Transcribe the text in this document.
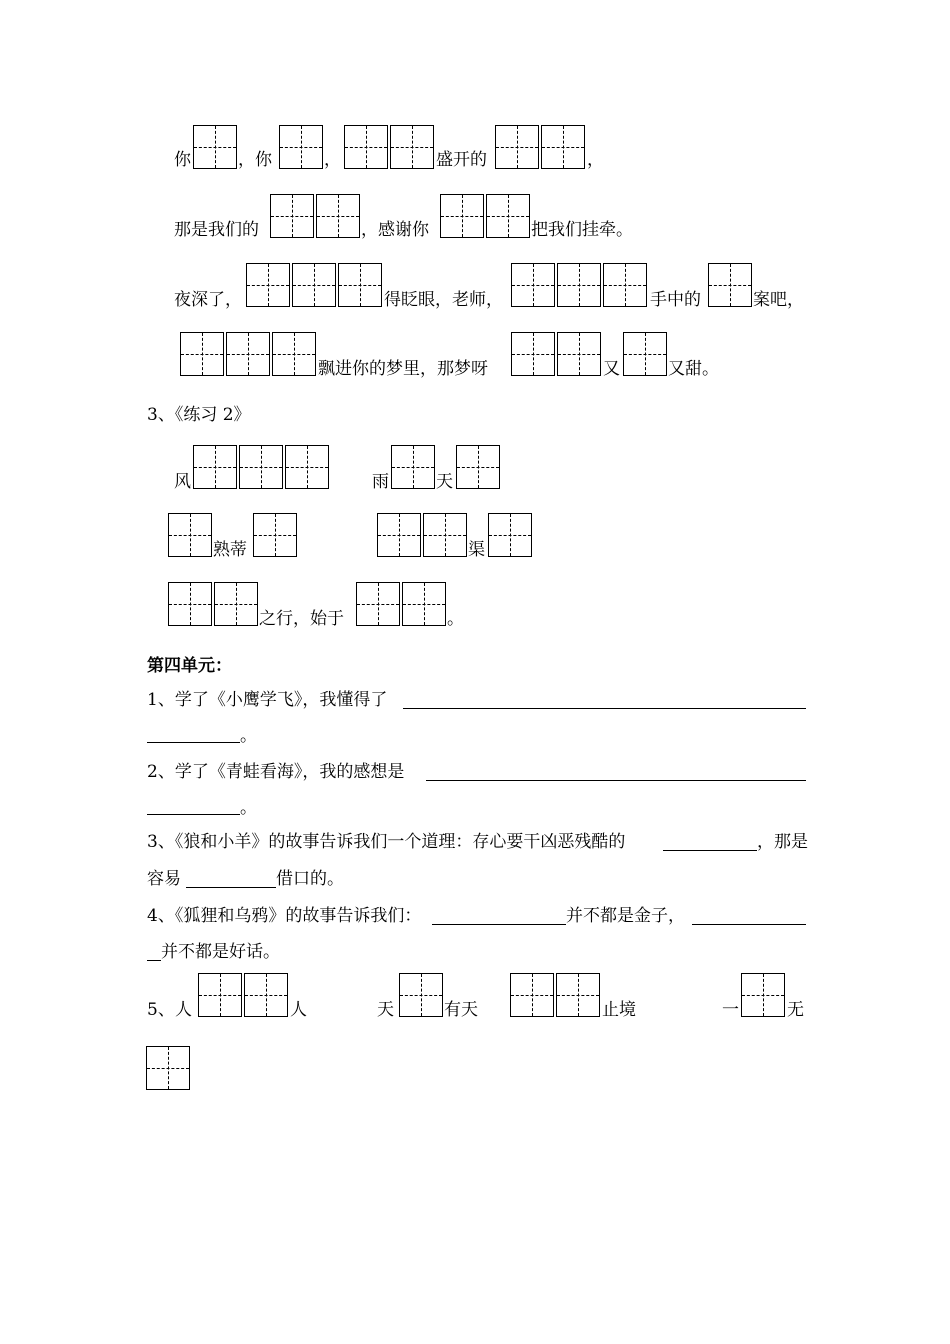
你	，你	，	盛开的	，
那是我们的	，感谢你	把我们挂牵。
夜深了，	得眨眼，老师，	手中的	案吧，
飘进你的梦里，那梦呀	又	又甜。
3、《练习 2》
风	雨	天
熟蒂	渠
之行，始于	。
第四单元：
1、学了《小鹰学飞》，我懂得了
。
2、学了《青蛙看海》，我的感想是
。
3、《狼和小羊》的故事告诉我们一个道理：存心要干凶恶残酷的	，那是
容易	借口的。
4、《狐狸和乌鸦》的故事告诉我们：	并不都是金子，
并不都是好话。
5、 人	人	天	有天	止境	一	无
